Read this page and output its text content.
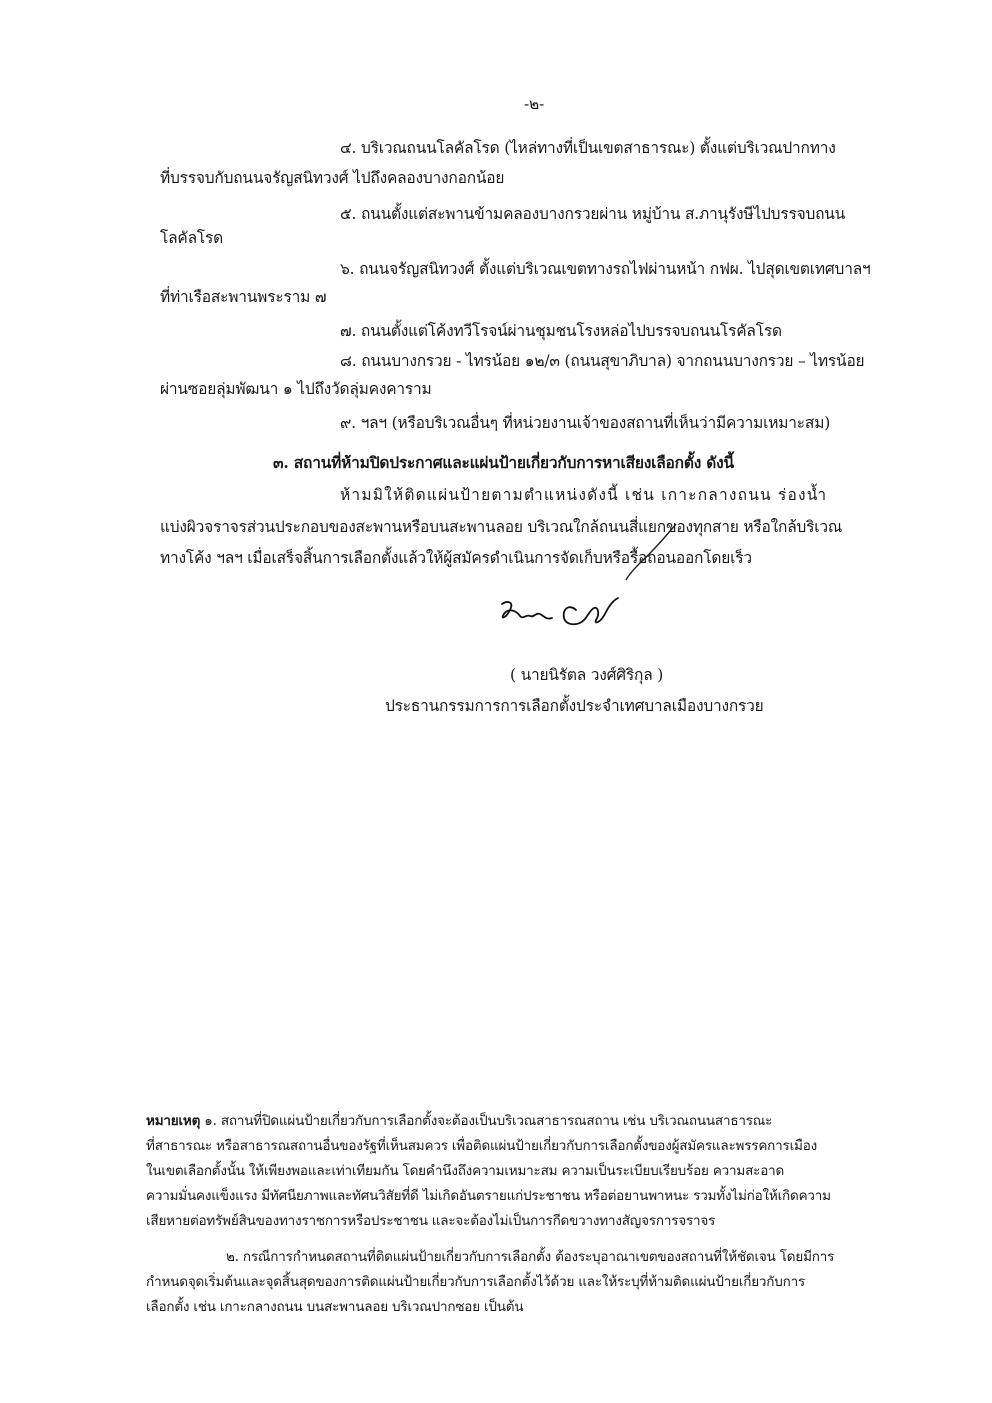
-๒-
๔. บริเวณถนนโลคัลโรด (ไหล่ทางที่เป็นเขตสาธารณะ) ตั้งแต่บริเวณปากทาง
ที่บรรจบกับถนนจรัญสนิทวงศ์ ไปถึงคลองบางกอกน้อย
๕. ถนนตั้งแต่สะพานข้ามคลองบางกรวยผ่าน หมู่บ้าน ส.ภานุรังษีไปบรรจบถนน
โลคัลโรด
๖. ถนนจรัญสนิทวงศ์ ตั้งแต่บริเวณเขตทางรถไฟผ่านหน้า กฟผ. ไปสุดเขตเทศบาลฯ
ที่ท่าเรือสะพานพระราม ๗
๗. ถนนตั้งแต่โค้งทวีโรจน์ผ่านชุมชนโรงหล่อไปบรรจบถนนโรคัลโรด
๘. ถนนบางกรวย - ไทรน้อย ๑๒/๓ (ถนนสุขาภิบาล) จากถนนบางกรวย – ไทรน้อย
ผ่านซอยลุ่มพัฒนา ๑ ไปถึงวัดลุ่มคงคาราม
๙. ฯลฯ (หรือบริเวณอื่นๆ ที่หน่วยงานเจ้าของสถานที่เห็นว่ามีความเหมาะสม)
๓. สถานที่ห้ามปิดประกาศและแผ่นป้ายเกี่ยวกับการหาเสียงเลือกตั้ง ดังนี้
ห้ามมิให้ติดแผ่นป้ายตามตำแหน่งดังนี้ เช่น เกาะกลางถนน ร่องน้ำ
แบ่งผิวจราจรส่วนประกอบของสะพานหรือบนสะพานลอย บริเวณใกล้ถนนสี่แยกของทุกสาย หรือใกล้บริเวณ
ทางโค้ง ฯลฯ เมื่อเสร็จสิ้นการเลือกตั้งแล้วให้ผู้สมัครดำเนินการจัดเก็บหรือรื้อถอนออกโดยเร็ว
( นายนิรัตล วงศ์ศิริกุล )
ประธานกรรมการการเลือกตั้งประจำเทศบาลเมืองบางกรวย
หมายเหตุ ๑. สถานที่ปิดแผ่นป้ายเกี่ยวกับการเลือกตั้งจะต้องเป็นบริเวณสาธารณสถาน เช่น บริเวณถนนสาธารณะ
ที่สาธารณะ หรือสาธารณสถานอื่นของรัฐที่เห็นสมควร เพื่อติดแผ่นป้ายเกี่ยวกับการเลือกตั้งของผู้สมัครและพรรคการเมือง
ในเขตเลือกตั้งนั้น ให้เพียงพอและเท่าเทียมกัน โดยคำนึงถึงความเหมาะสม ความเป็นระเบียบเรียบร้อย ความสะอาด
ความมั่นคงแข็งแรง มีทัศนียภาพและทัศนวิสัยที่ดี ไม่เกิดอันตรายแก่ประชาชน หรือต่อยานพาหนะ รวมทั้งไม่ก่อให้เกิดความ
เสียหายต่อทรัพย์สินของทางราชการหรือประชาชน และจะต้องไม่เป็นการกีดขวางทางสัญจรการจราจร
๒. กรณีการกำหนดสถานที่ติดแผ่นป้ายเกี่ยวกับการเลือกตั้ง ต้องระบุอาณาเขตของสถานที่ให้ชัดเจน โดยมีการ
กำหนดจุดเริ่มต้นและจุดสิ้นสุดของการติดแผ่นป้ายเกี่ยวกับการเลือกตั้งไว้ด้วย และให้ระบุที่ห้ามติดแผ่นป้ายเกี่ยวกับการ
เลือกตั้ง เช่น เกาะกลางถนน บนสะพานลอย บริเวณปากซอย เป็นต้น
